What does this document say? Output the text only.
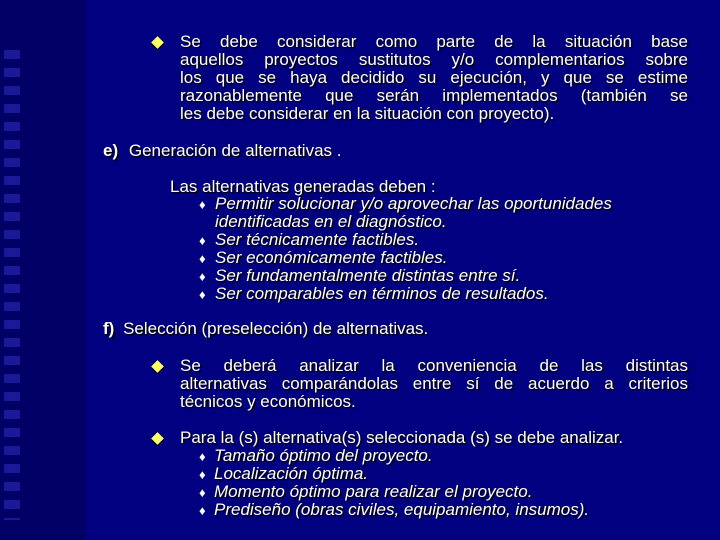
Se debe considerar como parte de la situación base
aquellos proyectos sustitutos y/o complementarios sobre
los que se haya decidido su ejecución, y que se estime
razonablemente que serán implementados (también se
les debe considerar en la situación con proyecto).
e) Generación de alternativas .
Las alternativas generadas deben :
♦ Permitir solucionar y/o aprovechar las oportunidades
identificadas en el diagnóstico.
♦ Ser técnicamente factibles.
♦ Ser económicamente factibles.
♦ Ser fundamentalmente distintas entre sí.
♦ Ser comparables en términos de resultados.
f) Selección (preselección) de alternativas.
Se deberá analizar la conveniencia de las distintas
alternativas comparándolas entre sí de acuerdo a criterios
técnicos y económicos.
Para la (s) alternativa(s) seleccionada (s) se debe analizar.
♦ Tamaño óptimo del proyecto.
♦ Localización óptima.
♦ Momento óptimo para realizar el proyecto.
♦ Prediseño (obras civiles, equipamiento, insumos).
